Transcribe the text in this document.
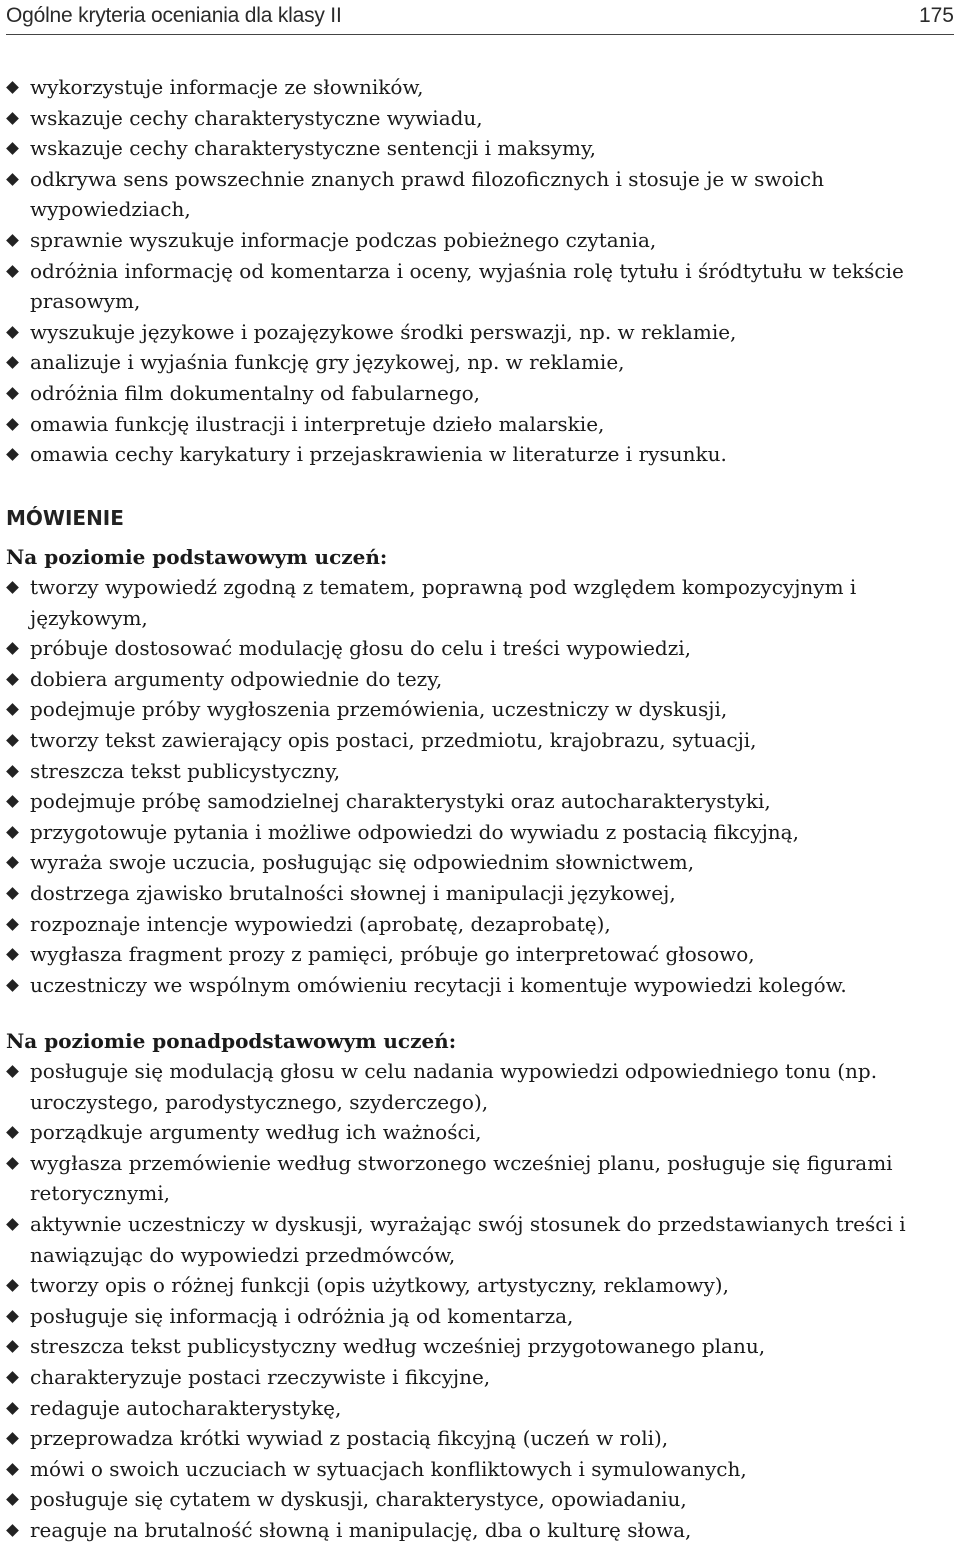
Ogólne kryteria oceniania dla klasy II	175
wykorzystuje informacje ze słowników,
wskazuje cechy charakterystyczne wywiadu,
wskazuje cechy charakterystyczne sentencji i maksymy,
odkrywa sens powszechnie znanych prawd filozoficznych i stosuje je w swoich wypowiedziach,
sprawnie wyszukuje informacje podczas pobieżnego czytania,
odróżnia informację od komentarza i oceny, wyjaśnia rolę tytułu i śródtytułu w tekście prasowym,
wyszukuje językowe i pozajęzykowe środki perswazji, np. w reklamie,
analizuje i wyjaśnia funkcję gry językowej, np. w reklamie,
odróżnia film dokumentalny od fabularnego,
omawia funkcję ilustracji i interpretuje dzieło malarskie,
omawia cechy karykatury i przejaskrawienia w literaturze i rysunku.
MÓWIENIE

Na poziomie podstawowym uczeń:

tworzy wypowiedź zgodną z tematem, poprawną pod względem kompozycyjnym i językowym,
próbuje dostosować modulację głosu do celu i treści wypowiedzi,
dobiera argumenty odpowiednie do tezy,
podejmuje próby wygłoszenia przemówienia, uczestniczy w dyskusji,
tworzy tekst zawierający opis postaci, przedmiotu, krajobrazu, sytuacji,
streszcza tekst publicystyczny,
podejmuje próbę samodzielnej charakterystyki oraz autocharakterystyki,
przygotowuje pytania i możliwe odpowiedzi do wywiadu z postacią fikcyjną,
wyraża swoje uczucia, posługując się odpowiednim słownictwem,
dostrzega zjawisko brutalności słownej i manipulacji językowej,
rozpoznaje intencje wypowiedzi (aprobatę, dezaprobatę),
wygłasza fragment prozy z pamięci, próbuje go interpretować głosowo,
uczestniczy we wspólnym omówieniu recytacji i komentuje wypowiedzi kolegów.

Na poziomie ponadpodstawowym uczeń:

posługuje się modulacją głosu w celu nadania wypowiedzi odpowiedniego tonu (np. uroczystego, parodystycznego, szyderczego),
porządkuje argumenty według ich ważności,
wygłasza przemówienie według stworzonego wcześniej planu, posługuje się figurami retorycznymi,
aktywnie uczestniczy w dyskusji, wyrażając swój stosunek do przedstawianych treści i nawiązując do wypowiedzi przedmówców,
tworzy opis o różnej funkcji (opis użytkowy, artystyczny, reklamowy),
posługuje się informacją i odróżnia ją od komentarza,
streszcza tekst publicystyczny według wcześniej przygotowanego planu,
charakteryzuje postaci rzeczywiste i fikcyjne,
redaguje autocharakterystykę,
przeprowadza krótki wywiad z postacią fikcyjną (uczeń w roli),
mówi o swoich uczuciach w sytuacjach konfliktowych i symulowanych,
posługuje się cytatem w dyskusji, charakterystyce, opowiadaniu,
reaguje na brutalność słowną i manipulację, dba o kulturę słowa,
